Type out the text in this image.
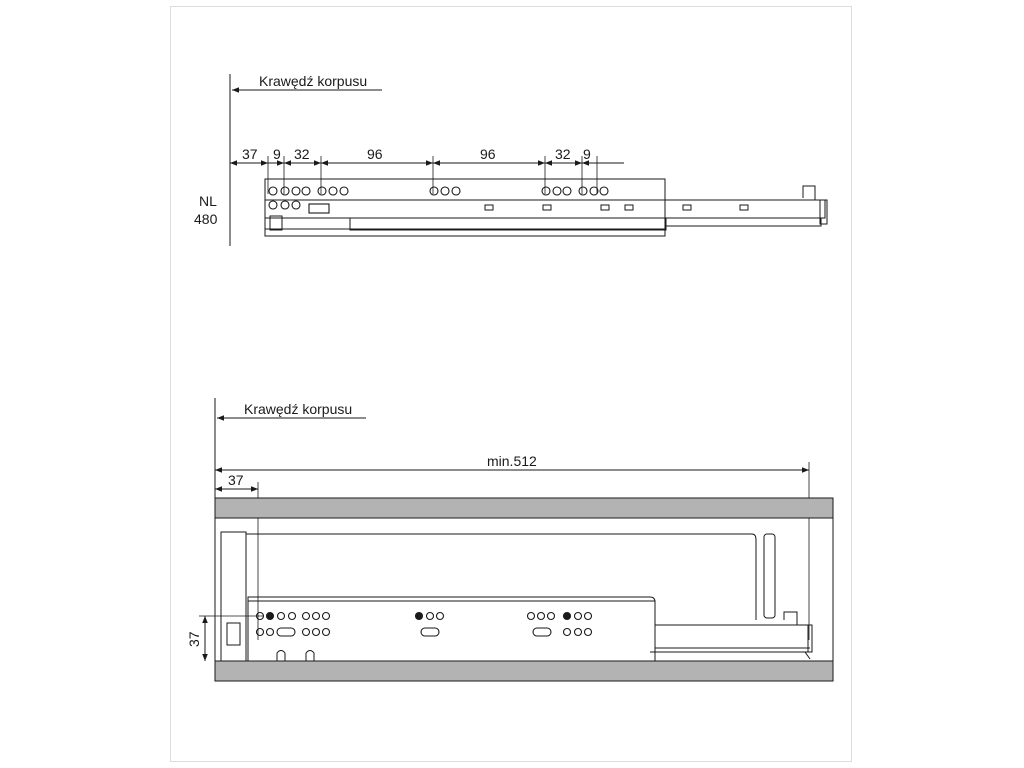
Krawędź korpusu
37 9 32	96	96	32 9
NL
480
Krawędź korpusu
min.512
37
37
